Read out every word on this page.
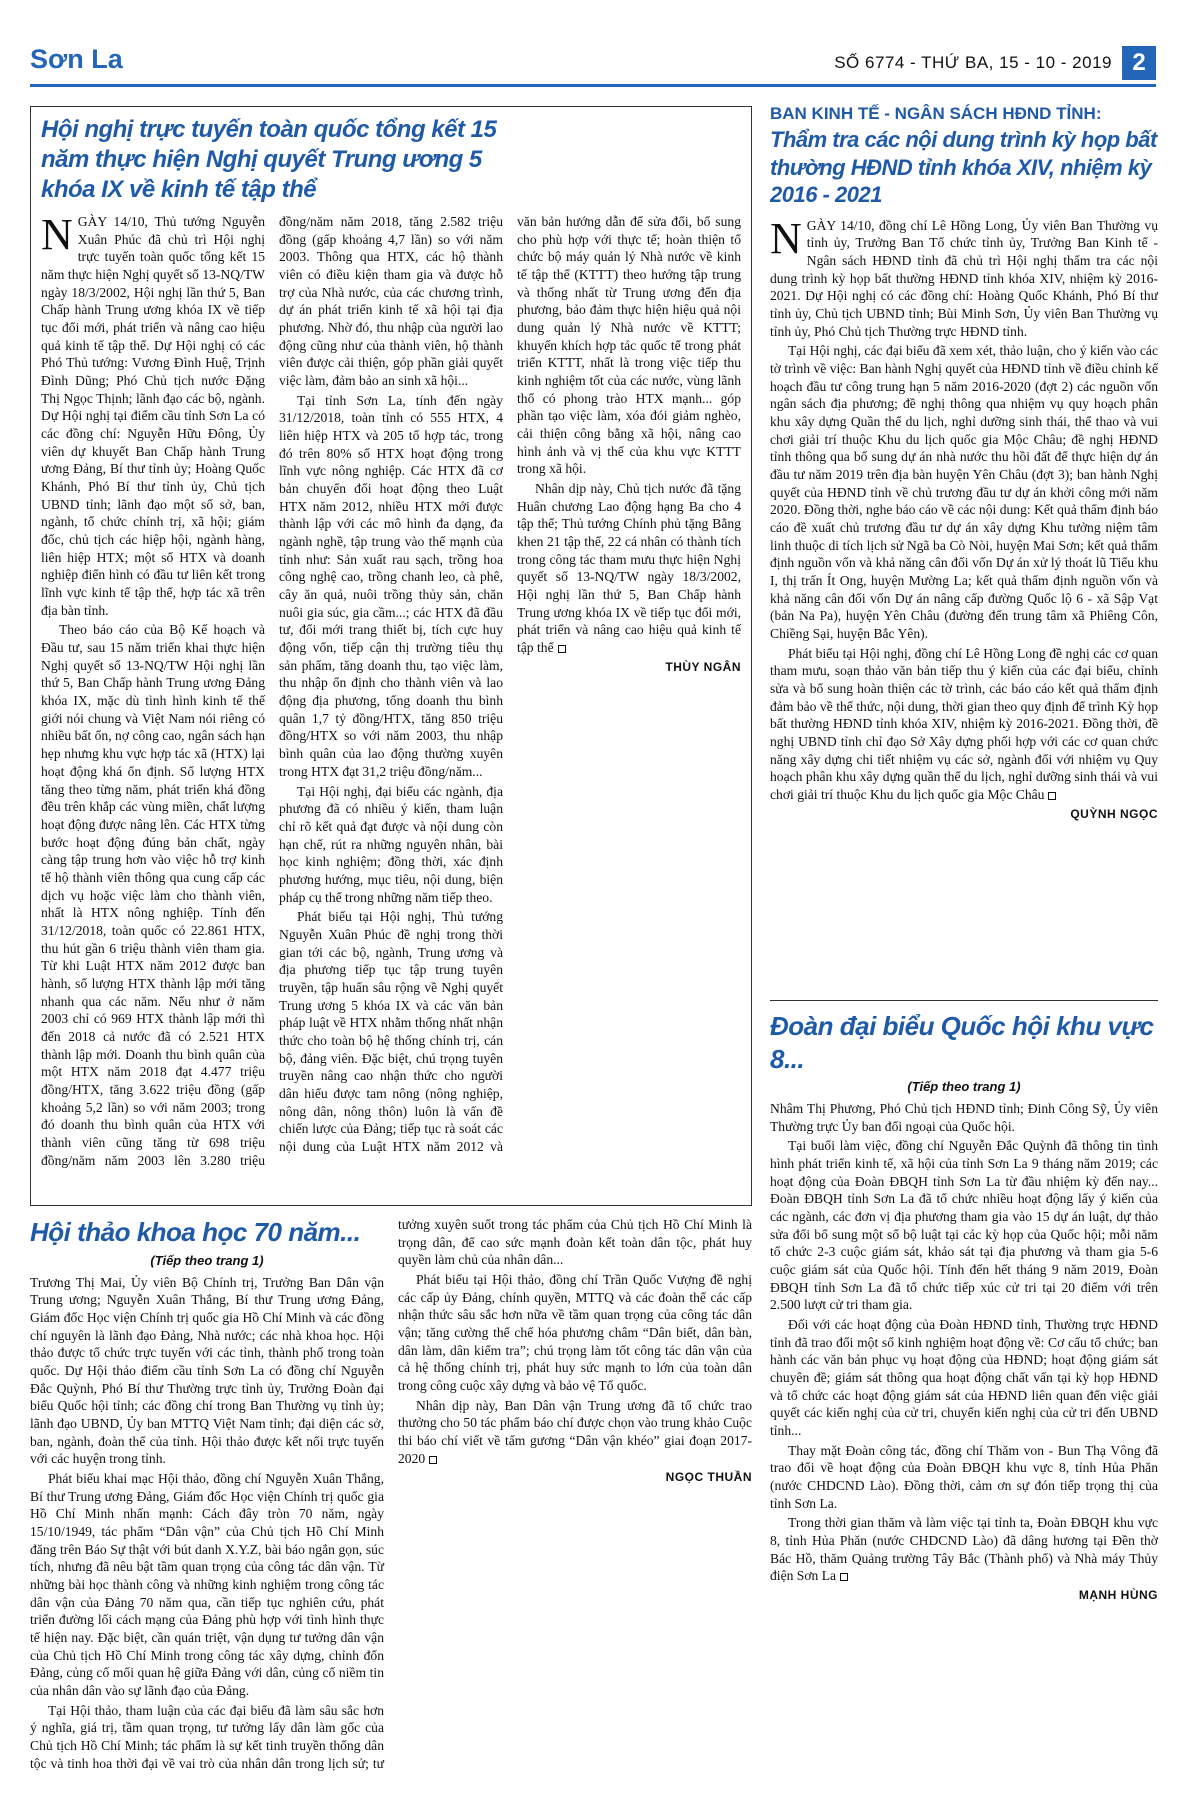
Sơn La	SỐ 6774 - THỨ BA, 15 - 10 - 2019 2
Hội nghị trực tuyến toàn quốc tổng kết 15 năm thực hiện Nghị quyết Trung ương 5 khóa IX về kinh tế tập thể

NGÀY 14/10, Thủ tướng Nguyễn Xuân Phúc đã chủ trì Hội nghị trực tuyến toàn quốc tổng kết 15 năm thực hiện Nghị quyết số 13-NQ/TW ngày 18/3/2002, Hội nghị lần thứ 5, Ban Chấp hành Trung ương khóa IX về tiếp tục đổi mới, phát triển và nâng cao hiệu quả kinh tế tập thể. Dự Hội nghị có các Phó Thủ tướng: Vương Đình Huệ, Trịnh Đình Dũng; Phó Chủ tịch nước Đặng Thị Ngọc Thịnh; lãnh đạo các bộ, ngành. Dự Hội nghị tại điểm cầu tỉnh Sơn La có các đồng chí: Nguyễn Hữu Đông, Ủy viên dự khuyết Ban Chấp hành Trung ương Đảng, Bí thư tỉnh ủy; Hoàng Quốc Khánh, Phó Bí thư tỉnh ủy, Chủ tịch UBND tỉnh; lãnh đạo một số sở, ban, ngành, tổ chức chính trị, xã hội; giám đốc, chủ tịch các hiệp hội, ngành hàng, liên hiệp HTX; một số HTX và doanh nghiệp điển hình có đầu tư liên kết trong lĩnh vực kinh tế tập thể, hợp tác xã trên địa bàn tỉnh.

Theo báo cáo của Bộ Kế hoạch và Đầu tư, sau 15 năm triển khai thực hiện Nghị quyết số 13-NQ/TW Hội nghị lần thứ 5, Ban Chấp hành Trung ương Đảng khóa IX, mặc dù tình hình kinh tế thế giới nói chung và Việt Nam nói riêng có nhiều bất ổn, nợ công cao, ngân sách hạn hẹp nhưng khu vực hợp tác xã (HTX) lại hoạt động khá ổn định. Số lượng HTX tăng theo từng năm, phát triển khá đồng đều trên khắp các vùng miền, chất lượng hoạt động được nâng lên. Các HTX từng bước hoạt động đúng bản chất, ngày càng tập trung hơn vào việc hỗ trợ kinh tế hộ thành viên thông qua cung cấp các dịch vụ hoặc việc làm cho thành viên, nhất là HTX nông nghiệp. Tính đến 31/12/2018, toàn quốc có 22.861 HTX, thu hút gần 6 triệu thành viên tham gia. Từ khi Luật HTX năm 2012 được ban hành, số lượng HTX thành lập mới tăng nhanh qua các năm. Nếu như ở năm 2003 chỉ có 969 HTX thành lập mới thì đến 2018 cả nước đã có 2.521 HTX thành lập mới. Doanh thu bình quân của một HTX năm 2018 đạt 4.477 triệu đồng/HTX, tăng 3.622 triệu đồng (gấp khoảng 5,2 lần) so với năm 2003; trong đó doanh thu bình quân của HTX với thành viên cũng tăng từ 698 triệu đồng/năm năm 2003 lên 3.280 triệu đồng/năm năm 2018, tăng 2.582 triệu đồng (gấp khoảng 4,7 lần) so với năm 2003. Thông qua HTX, các hộ thành viên có điều kiện tham gia và được hỗ trợ của Nhà nước, của các chương trình, dự án phát triển kinh tế xã hội tại địa phương. Nhờ đó, thu nhập của người lao động cũng như của thành viên, hộ thành viên được cải thiện, góp phần giải quyết việc làm, đảm bảo an sinh xã hội...

Tại tỉnh Sơn La, tính đến ngày 31/12/2018, toàn tỉnh có 555 HTX, 4 liên hiệp HTX và 205 tổ hợp tác, trong đó trên 80% số HTX hoạt động trong lĩnh vực nông nghiệp. Các HTX đã cơ bản chuyển đổi hoạt động theo Luật HTX năm 2012, nhiều HTX mới được thành lập với các mô hình đa dạng, đa ngành nghề, tập trung vào thế mạnh của tỉnh như: Sản xuất rau sạch, trồng hoa công nghệ cao, trồng chanh leo, cà phê, cây ăn quả, nuôi trồng thủy sản, chăn nuôi gia súc, gia cầm...; các HTX đã đầu tư, đổi mới trang thiết bị, tích cực huy động vốn, tiếp cận thị trường tiêu thụ sản phẩm, tăng doanh thu, tạo việc làm, thu nhập ổn định cho thành viên và lao động địa phương, tổng doanh thu bình quân 1,7 tỷ đồng/HTX, tăng 850 triệu đồng/HTX so với năm 2003, thu nhập bình quân của lao động thường xuyên trong HTX đạt 31,2 triệu đồng/năm...

Tại Hội nghị, đại biểu các ngành, địa phương đã có nhiều ý kiến, tham luận chỉ rõ kết quả đạt được và nội dung còn hạn chế, rút ra những nguyên nhân, bài học kinh nghiệm; đồng thời, xác định phương hướng, mục tiêu, nội dung, biện pháp cụ thể trong những năm tiếp theo.

Phát biểu tại Hội nghị, Thủ tướng Nguyễn Xuân Phúc đề nghị trong thời gian tới các bộ, ngành, Trung ương và địa phương tiếp tục tập trung tuyên truyền, tập huấn sâu rộng về Nghị quyết Trung ương 5 khóa IX và các văn bản pháp luật về HTX nhằm thống nhất nhận thức cho toàn bộ hệ thống chính trị, cán bộ, đảng viên. Đặc biệt, chú trọng tuyên truyền nâng cao nhận thức cho người dân hiểu được tam nông (nông nghiệp, nông dân, nông thôn) luôn là vấn đề chiến lược của Đảng; tiếp tục rà soát các nội dung của Luật HTX năm 2012 và văn bản hướng dẫn để sửa đổi, bổ sung cho phù hợp với thực tế; hoàn thiện tổ chức bộ máy quản lý Nhà nước về kinh tế tập thể (KTTT) theo hướng tập trung và thống nhất từ Trung ương đến địa phương, bảo đảm thực hiện hiệu quả nội dung quản lý Nhà nước về KTTT; khuyến khích hợp tác quốc tế trong phát triển KTTT, nhất là trong việc tiếp thu kinh nghiệm tốt của các nước, vùng lãnh thổ có phong trào HTX mạnh... góp phần tạo việc làm, xóa đói giảm nghèo, cải thiện công bằng xã hội, nâng cao hình ảnh và vị thế của khu vực KTTT trong xã hội.

Nhân dịp này, Chủ tịch nước đã tặng Huân chương Lao động hạng Ba cho 4 tập thể; Thủ tướng Chính phủ tặng Bằng khen 21 tập thể, 22 cá nhân có thành tích trong công tác tham mưu thực hiện Nghị quyết số 13-NQ/TW ngày 18/3/2002, Hội nghị lần thứ 5, Ban Chấp hành Trung ương khóa IX về tiếp tục đổi mới, phát triển và nâng cao hiệu quả kinh tế tập thể

THÙY NGÂN
BAN KINH TẾ - NGÂN SÁCH HĐND TỈNH:
Thẩm tra các nội dung trình kỳ họp bất thường HĐND tỉnh khóa XIV, nhiệm kỳ 2016 - 2021

NGÀY 14/10, đồng chí Lê Hồng Long, Ủy viên Ban Thường vụ tỉnh ủy, Trưởng Ban Tổ chức tỉnh ủy, Trưởng Ban Kinh tế - Ngân sách HĐND tỉnh đã chủ trì Hội nghị thẩm tra các nội dung trình kỳ họp bất thường HĐND tỉnh khóa XIV, nhiệm kỳ 2016-2021. Dự Hội nghị có các đồng chí: Hoàng Quốc Khánh, Phó Bí thư tỉnh ủy, Chủ tịch UBND tỉnh; Bùi Minh Sơn, Ủy viên Ban Thường vụ tỉnh ủy, Phó Chủ tịch Thường trực HĐND tỉnh.

Tại Hội nghị, các đại biểu đã xem xét, thảo luận, cho ý kiến vào các tờ trình về việc: Ban hành Nghị quyết của HĐND tỉnh về điều chỉnh kế hoạch đầu tư công trung hạn 5 năm 2016-2020 (đợt 2) các nguồn vốn ngân sách địa phương; đề nghị thông qua nhiệm vụ quy hoạch phân khu xây dựng Quần thể du lịch, nghỉ dưỡng sinh thái, thể thao và vui chơi giải trí thuộc Khu du lịch quốc gia Mộc Châu; đề nghị HĐND tỉnh thông qua bổ sung dự án nhà nước thu hồi đất để thực hiện dự án đầu tư năm 2019 trên địa bàn huyện Yên Châu (đợt 3); ban hành Nghị quyết của HĐND tỉnh về chủ trương đầu tư dự án khởi công mới năm 2020. Đồng thời, nghe báo cáo về các nội dung: Kết quả thẩm định báo cáo đề xuất chủ trương đầu tư dự án xây dựng Khu tưởng niệm tâm linh thuộc di tích lịch sử Ngã ba Cò Nòi, huyện Mai Sơn; kết quả thẩm định nguồn vốn và khả năng cân đối vốn Dự án xử lý thoát lũ Tiểu khu I, thị trấn Ít Ong, huyện Mường La; kết quả thẩm định nguồn vốn và khả năng cân đối vốn Dự án nâng cấp đường Quốc lộ 6 - xã Sập Vạt (bản Na Pa), huyện Yên Châu (đường đến trung tâm xã Phiêng Côn, Chiềng Sại, huyện Bắc Yên).

Phát biểu tại Hội nghị, đồng chí Lê Hồng Long đề nghị các cơ quan tham mưu, soạn thảo văn bản tiếp thu ý kiến của các đại biểu, chỉnh sửa và bổ sung hoàn thiện các tờ trình, các báo cáo kết quả thẩm định đảm bảo về thể thức, nội dung, thời gian theo quy định để trình Kỳ họp bất thường HĐND tỉnh khóa XIV, nhiệm kỳ 2016-2021. Đồng thời, đề nghị UBND tỉnh chỉ đạo Sở Xây dựng phối hợp với các cơ quan chức năng xây dựng chi tiết nhiệm vụ các sở, ngành đối với nhiệm vụ Quy hoạch phân khu xây dựng quần thể du lịch, nghỉ dưỡng sinh thái và vui chơi giải trí thuộc Khu du lịch quốc gia Mộc Châu

QUỲNH NGỌC
Đoàn đại biểu Quốc hội khu vực 8...
(Tiếp theo trang 1)

Nhâm Thị Phương, Phó Chủ tịch HĐND tỉnh; Đinh Công Sỹ, Ủy viên Thường trực Ủy ban đối ngoại của Quốc hội.

Tại buổi làm việc, đồng chí Nguyễn Đắc Quỳnh đã thông tin tình hình phát triển kinh tế, xã hội của tỉnh Sơn La 9 tháng năm 2019; các hoạt động của Đoàn ĐBQH tỉnh Sơn La từ đầu nhiệm kỳ đến nay... Đoàn ĐBQH tỉnh Sơn La đã tổ chức nhiều hoạt động lấy ý kiến của các ngành, các đơn vị địa phương tham gia vào 15 dự án luật, dự thảo sửa đổi bổ sung một số bộ luật tại các kỳ họp của Quốc hội; mỗi năm tổ chức 2-3 cuộc giám sát, khảo sát tại địa phương và tham gia 5-6 cuộc giám sát của Quốc hội. Tính đến hết tháng 9 năm 2019, Đoàn ĐBQH tỉnh Sơn La đã tổ chức tiếp xúc cử tri tại 20 điểm với trên 2.500 lượt cử tri tham gia.

Đối với các hoạt động của Đoàn HĐND tỉnh, Thường trực HĐND tỉnh đã trao đổi một số kinh nghiệm hoạt động về: Cơ cấu tổ chức; ban hành các văn bản phục vụ hoạt động của HĐND; hoạt động giám sát chuyên đề; giám sát thông qua hoạt động chất vấn tại kỳ họp HĐND và tổ chức các hoạt động giám sát của HĐND liên quan đến việc giải quyết các kiến nghị của cử tri, chuyển kiến nghị của cử tri đến UBND tỉnh...

Thay mặt Đoàn công tác, đồng chí Thăm von - Bun Thạ Vông đã trao đổi về hoạt động của Đoàn ĐBQH khu vực 8, tỉnh Hủa Phăn (nước CHDCND Lào). Đồng thời, cảm ơn sự đón tiếp trọng thị của tỉnh Sơn La.

Trong thời gian thăm và làm việc tại tỉnh ta, Đoàn ĐBQH khu vực 8, tỉnh Hủa Phăn (nước CHDCND Lào) đã dâng hương tại Đền thờ Bác Hồ, thăm Quảng trường Tây Bắc (Thành phố) và Nhà máy Thủy điện Sơn La

MẠNH HÙNG
Hội thảo khoa học 70 năm...
(Tiếp theo trang 1)

Trương Thị Mai, Ủy viên Bộ Chính trị, Trưởng Ban Dân vận Trung ương; Nguyễn Xuân Thắng, Bí thư Trung ương Đảng, Giám đốc Học viện Chính trị quốc gia Hồ Chí Minh và các đồng chí nguyên là lãnh đạo Đảng, Nhà nước; các nhà khoa học. Hội thảo được tổ chức trực tuyến với các tỉnh, thành phố trong toàn quốc. Dự Hội thảo điểm cầu tỉnh Sơn La có đồng chí Nguyễn Đắc Quỳnh, Phó Bí thư Thường trực tỉnh ủy, Trưởng Đoàn đại biểu Quốc hội tỉnh; các đồng chí trong Ban Thường vụ tỉnh ủy; lãnh đạo UBND, Ủy ban MTTQ Việt Nam tỉnh; đại diện các sở, ban, ngành, đoàn thể của tỉnh. Hội thảo được kết nối trực tuyến với các huyện trong tỉnh.

Phát biểu khai mạc Hội thảo, đồng chí Nguyễn Xuân Thắng, Bí thư Trung ương Đảng, Giám đốc Học viện Chính trị quốc gia Hồ Chí Minh nhấn mạnh: Cách đây tròn 70 năm, ngày 15/10/1949, tác phẩm “Dân vận” của Chủ tịch Hồ Chí Minh đăng trên Báo Sự thật với bút danh X.Y.Z, bài báo ngắn gọn, súc tích, nhưng đã nêu bật tầm quan trọng của công tác dân vận. Từ những bài học thành công và những kinh nghiệm trong công tác dân vận của Đảng 70 năm qua, cần tiếp tục nghiên cứu, phát triển đường lối cách mạng của Đảng phù hợp với tình hình thực tế hiện nay. Đặc biệt, cần quán triệt, vận dụng tư tưởng dân vận của Chủ tịch Hồ Chí Minh trong công tác xây dựng, chỉnh đốn Đảng, củng cố mối quan hệ giữa Đảng với dân, củng cố niềm tin của nhân dân vào sự lãnh đạo của Đảng.

Tại Hội thảo, tham luận của các đại biểu đã làm sâu sắc hơn ý nghĩa, giá trị, tầm quan trọng, tư tưởng lấy dân làm gốc của Chủ tịch Hồ Chí Minh; tác phẩm là sự kết tinh truyền thống dân tộc và tinh hoa thời đại về vai trò của nhân dân trong lịch sử; tư tưởng xuyên suốt trong tác phẩm của Chủ tịch Hồ Chí Minh là trọng dân, để cao sức mạnh đoàn kết toàn dân tộc, phát huy quyền làm chủ của nhân dân...

Phát biểu tại Hội thảo, đồng chí Trần Quốc Vượng đề nghị các cấp ủy Đảng, chính quyền, MTTQ và các đoàn thể các cấp nhận thức sâu sắc hơn nữa về tầm quan trọng của công tác dân vận; tăng cường thể chế hóa phương châm “Dân biết, dân bàn, dân làm, dân kiểm tra”; chú trọng làm tốt công tác dân vận của cả hệ thống chính trị, phát huy sức mạnh to lớn của toàn dân trong công cuộc xây dựng và bảo vệ Tổ quốc.

Nhân dịp này, Ban Dân vận Trung ương đã tổ chức trao thưởng cho 50 tác phẩm báo chí được chọn vào trung khảo Cuộc thi báo chí viết về tấm gương “Dân vận khéo” giai đoạn 2017-2020

NGỌC THUẦN
